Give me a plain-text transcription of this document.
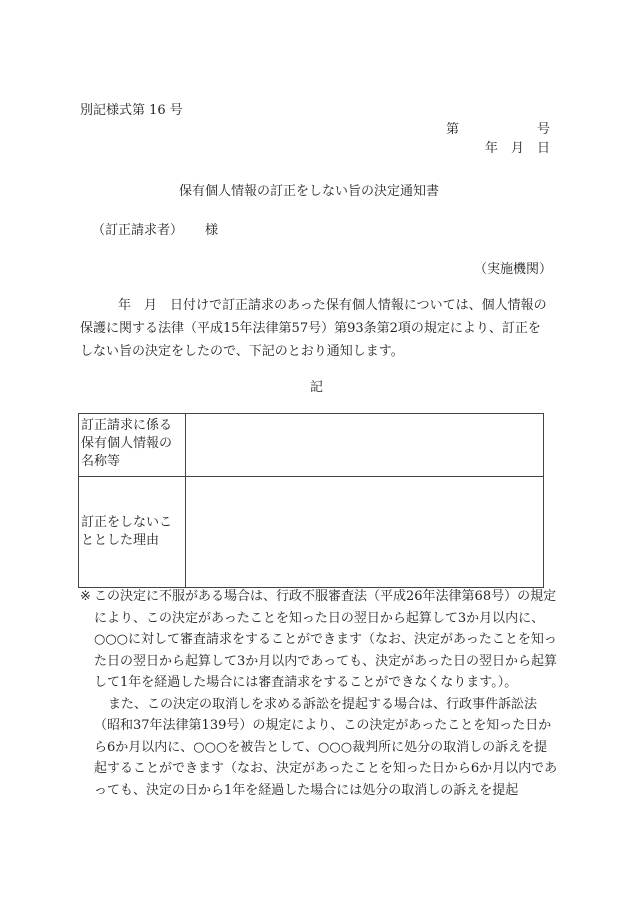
別記様式第 16 号
第	号
年 月 日
保有個人情報の訂正をしない旨の決定通知書
（訂正請求者） 様
（実施機関）

年　月　日付けで訂正請求のあった保有個人情報については、個人情報の保護に関する法律（平成15年法律第57号）第93条第2項の規定により、訂正をしない旨の決定をしたので、下記のとおり通知します。

記
訂正請求に係る保有個人情報の名称等	
訂正をしないこととした理由	

※ この決定に不服がある場合は、行政不服審査法（平成26年法律第68号）の規定により、この決定があったことを知った日の翌日から起算して3か月以内に、○○○に対して審査請求をすることができます（なお、決定があったことを知った日の翌日から起算して3か月以内であっても、決定があった日の翌日から起算して1年を経過した場合には審査請求をすることができなくなります。）。

また、この決定の取消しを求める訴訟を提起する場合は、行政事件訴訟法（昭和37年法律第139号）の規定により、この決定があったことを知った日から6か月以内に、○○○を被告として、○○○裁判所に処分の取消しの訴えを提起することができます（なお、決定があったことを知った日から6か月以内であっても、決定の日から1年を経過した場合には処分の取消しの訴えを提起
